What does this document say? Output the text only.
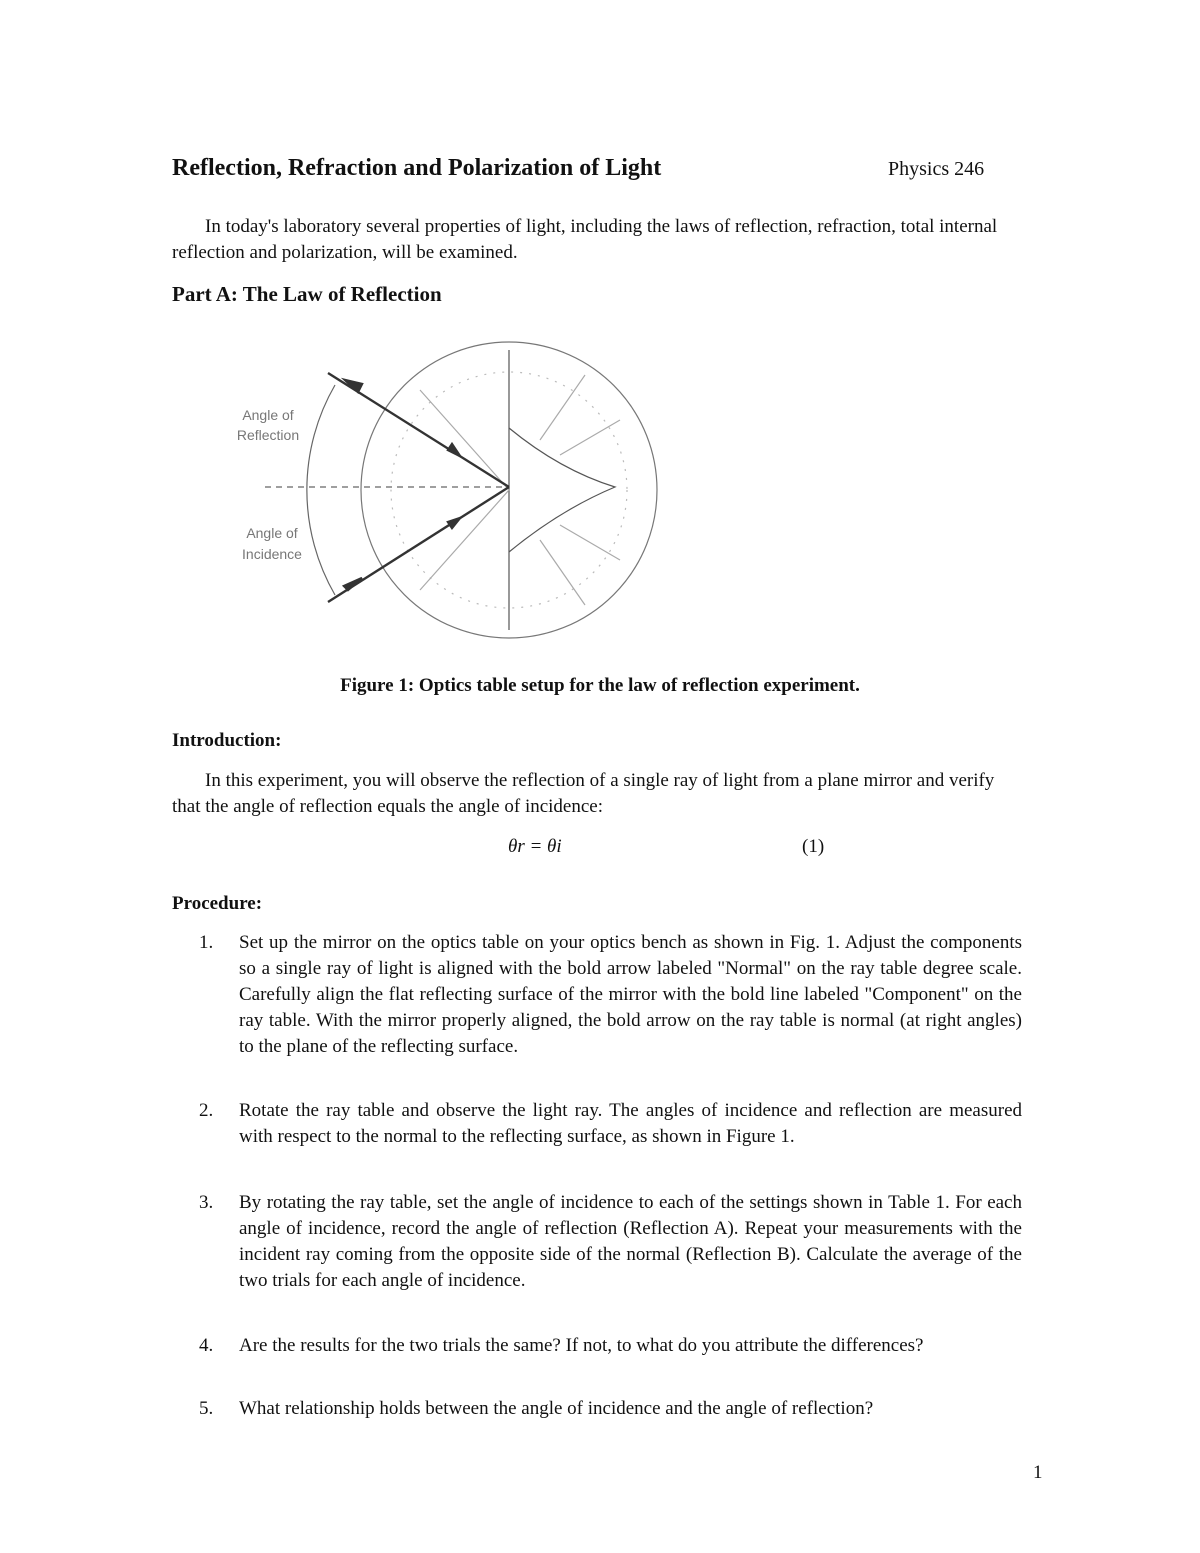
Reflection, Refraction and Polarization of Light	Physics 246
In today's laboratory several properties of light, including the laws of reflection, refraction, total internal reflection and polarization, will be examined.
Part A: The Law of Reflection
Angle of
Reflection
Angle of
Incidence
Figure 1: Optics table setup for the law of reflection experiment.
Introduction:
In this experiment, you will observe the reflection of a single ray of light from a plane mirror and verify that the angle of reflection equals the angle of incidence:
θr = θi	(1)
Procedure:
1. Set up the mirror on the optics table on your optics bench as shown in Fig. 1. Adjust the components so a single ray of light is aligned with the bold arrow labeled "Normal" on the ray table degree scale. Carefully align the flat reflecting surface of the mirror with the bold line labeled "Component" on the ray table. With the mirror properly aligned, the bold arrow on the ray table is normal (at right angles) to the plane of the reflecting surface.
2. Rotate the ray table and observe the light ray. The angles of incidence and reflection are measured with respect to the normal to the reflecting surface, as shown in Figure 1.
3. By rotating the ray table, set the angle of incidence to each of the settings shown in Table 1. For each angle of incidence, record the angle of reflection (Reflection A). Repeat your measurements with the incident ray coming from the opposite side of the normal (Reflection B). Calculate the average of the two trials for each angle of incidence.
4. Are the results for the two trials the same? If not, to what do you attribute the differences?
5. What relationship holds between the angle of incidence and the angle of reflection?
1
